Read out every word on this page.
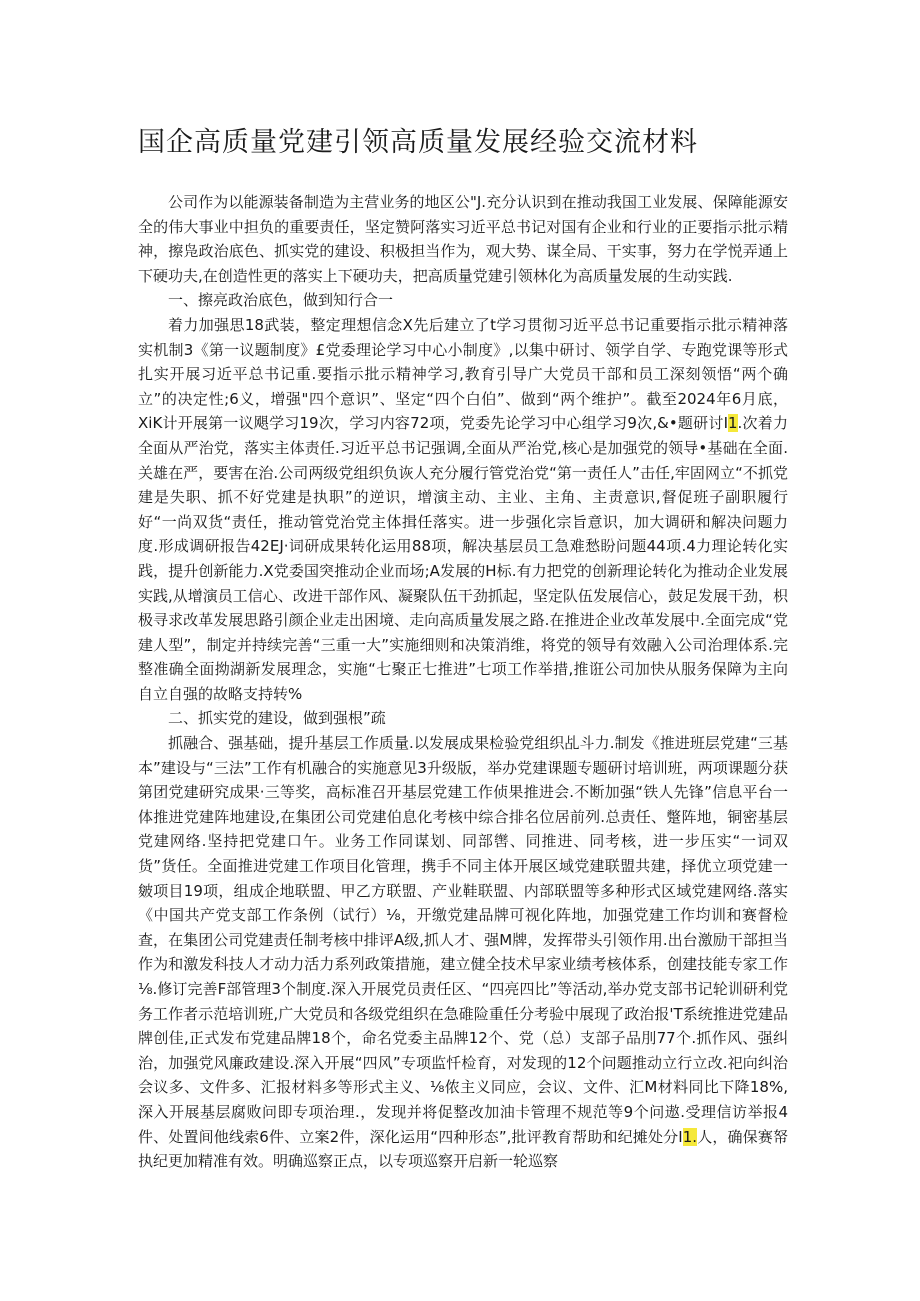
国企高质量党建引领高质量发展经验交流材料

公司作为以能源装备制造为主营业务的地区公"J.充分认识到在推动我国工业发展、保障能源安全的伟大事业中担负的重要责任，坚定赞阿落实习近平总书记对国有企业和行业的正要指示批示精神，擦凫政治底色、抓实党的建设、积极担当作为，观大势、谋全局、干实事，努力在学悦弄通上下硬功夫,在创造性更的落实上下硬功夫，把高质量党建引领林化为高质量发展的生动实践.

一、擦亮政治底色，做到知行合一

着力加强思18武装，整定理想信念X先后建立了t学习贯彻习近平总书记重要指示批示精神落实机制3《第一议题制度》£党委理论学习中心小制度》,以集中研讨、领学自学、专跑党课等形式扎实开展习近平总书记重.要指示批示精神学习,教育引导广大党员干部和员工深刻领悟“两个确立”的决定性;6义，增强"四个意识”、坚定“四个白伯”、做到“两个维护”。截至2024年6月底，XiK计开展第一议飓学习19次，学习内容72项，党委先论学习中心组学习9次,&•题研讨I1.次着力全面从严治党，落实主体责任.习近平总书记强调,全面从严治党,核心是加强党的领导•基础在全面.关雄在严，要害在治.公司两级党组织负诙人充分履行管党治党“第一责任人”击任,牢固网立“不抓党建是失职、抓不好党建是执职”的逆识，增演主动、主业、主角、主责意识,督促班子副职履行好“一尚双货“责任，推动管党治党主体揖任落实。进一步强化宗旨意识，加大调研和解决问题力度.形成调研报告42EJ·词研成果转化运用88项，解决基层员工急难愁盼问题44项.4力理论转化实践，提升创新能力.X党委国突推动企业而场;A发展的H标.有力把党的创新理论转化为推动企业发展实践,从增演员工信心、改进干部作风、凝聚队伍干劲抓起，坚定队伍发展信心，鼓足发展干劲，枳极寻求改革发展思路引颜企业走出困境、走向高质量发展之路.在推进企业改革发展中.全面完成“党建人型”，制定并持续完善“三重一大”实施细则和决策消维，将党的领导有效融入公司治理体系.完整准确全面拗湖新发展理念，实施“七聚正七推进”七项工作举措,推诳公司加快从服务保障为主向自立自强的故略支持转%

二、抓实党的建设，做到强根”疏

抓融合、强基础，提升基层工作质量.以发展成果检验党组织乩斗力.制发《推进班层党建“三基本”建设与“三法”工作有机融合的实施意见3升级版，举办党建课题专题研讨培训班，两项课题分获第团党建研究成果·三等奖，高标准召开基层党建工作侦果推进会.不断加强“铁人先锋”信息平台一体推进党建阵地建设,在集团公司党建伯息化考核中综合排名位居前列.总责任、蹩阵地，铜密基层党建网络.坚持把党建口午。业务工作同谋划、同部辔、同推进、同考核，进一步压实“一词双货”货任。全面推进党建工作项目化管理，携手不同主体开展区域党建联盟共建，择优立项党建一皴项目19项，组成企地联盟、甲乙方联盟、产业鞋联盟、内部联盟等多种形式区域党建网络.落实《中国共产党支部工作条例（试行）⅛，开缴党建品牌可视化阵地，加强党建工作均训和赛督检查，在集团公司党建责任制考核中排评A级,抓人才、强M牌，发挥带头引领作用.出台激励干部担当作为和激发科技人才动力活力系列政策措施，建立健全技术早家业绩考核体系，创建技能专家工作⅛.修订完善F部管理3个制度.深入开展党员责任区、“四亮四比”等活动,举办党支部书记轮训研利党务工作者示范培训班,广大党员和各级党组织在急碓险重任分考验中展现了政治报'T系统推进党建品牌创佳,正式发布党建品牌18个，命名党委主品牌12个、党（总）支部子品刖77个.抓作风、强纠治，加强党风廉政建设.深入开展“四风”专项监忏检育，对发现的12个问题推动立行立改.祀向纠治会议多、文件多、汇报材料多等形式主义、⅛侬主义同应，会议、文件、汇M材料同比下降18%,深入开展基层腐败问即专项治理.，发现并将促整改加油卡管理不规范等9个问遨.受理信访举报4件、处置间他线索6件、立案2件，深化运用“四种形态”,批评教育帮助和纪摊处分I1.人，确保赛帑执纪更加精准有效。明确巡察正点，以专项巡察开启新一轮巡察
